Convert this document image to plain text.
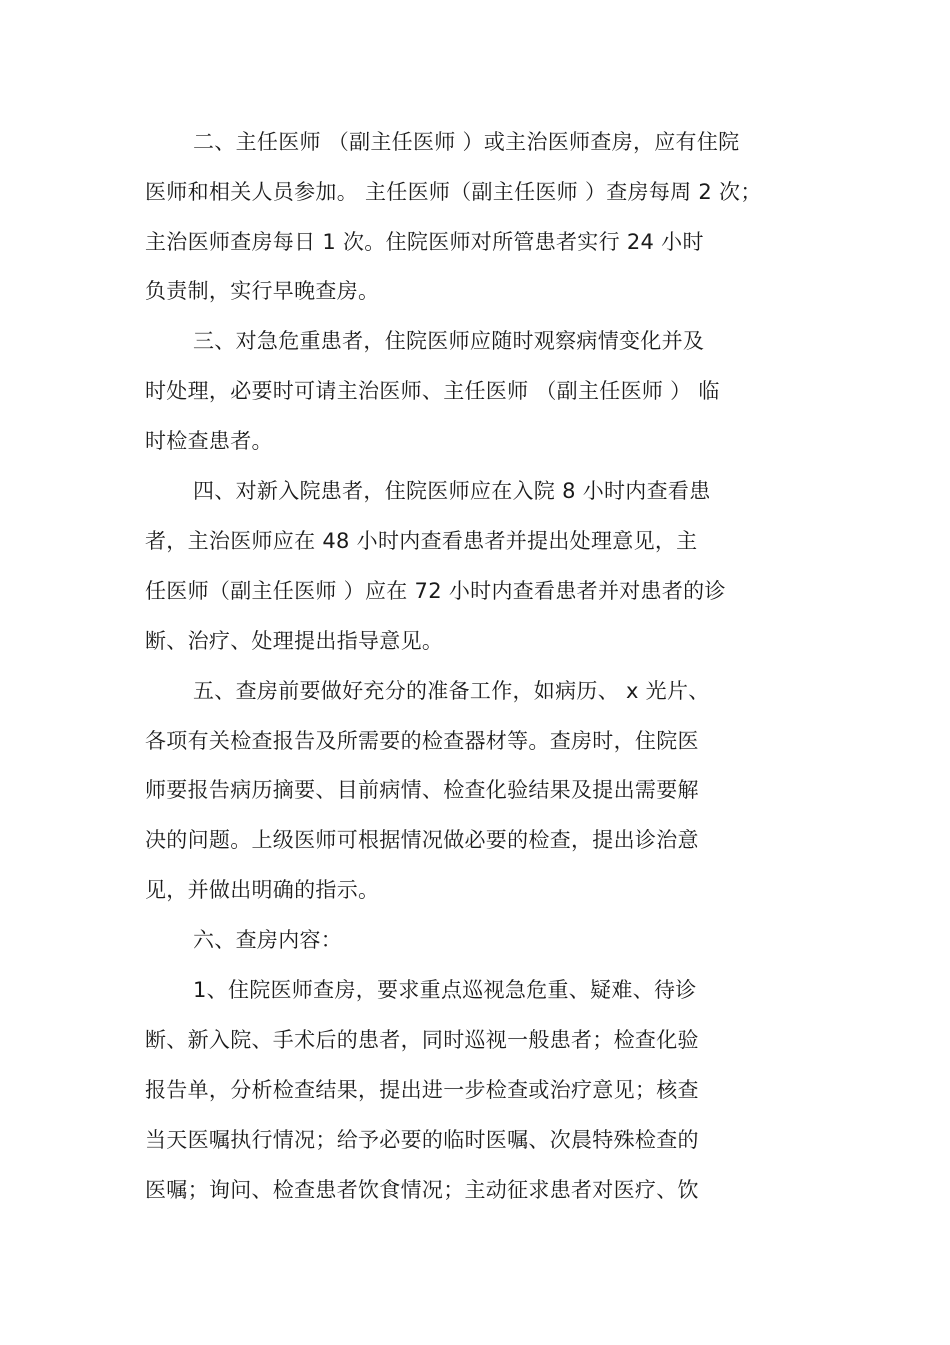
二、主任医师 （副主任医师 ）或主治医师查房，应有住院
医师和相关人员参加。 主任医师（副主任医师 ）查房每周 2 次；
主治医师查房每日 1 次。住院医师对所管患者实行 24 小时
负责制，实行早晚查房。
三、对急危重患者，住院医师应随时观察病情变化并及
时处理，必要时可请主治医师、主任医师 （副主任医师 ） 临
时检查患者。
四、对新入院患者，住院医师应在入院 8 小时内查看患
者，主治医师应在 48 小时内查看患者并提出处理意见，主
任医师（副主任医师 ）应在 72 小时内查看患者并对患者的诊
断、治疗、处理提出指导意见。
五、查房前要做好充分的准备工作，如病历、 x 光片、
各项有关检查报告及所需要的检查器材等。查房时，住院医
师要报告病历摘要、目前病情、检查化验结果及提出需要解
决的问题。上级医师可根据情况做必要的检查，提出诊治意
见，并做出明确的指示。
六、查房内容：
1、住院医师查房，要求重点巡视急危重、疑难、待诊
断、新入院、手术后的患者，同时巡视一般患者；检查化验
报告单，分析检查结果，提出进一步检查或治疗意见；核查
当天医嘱执行情况；给予必要的临时医嘱、次晨特殊检查的
医嘱；询问、检查患者饮食情况；主动征求患者对医疗、饮
